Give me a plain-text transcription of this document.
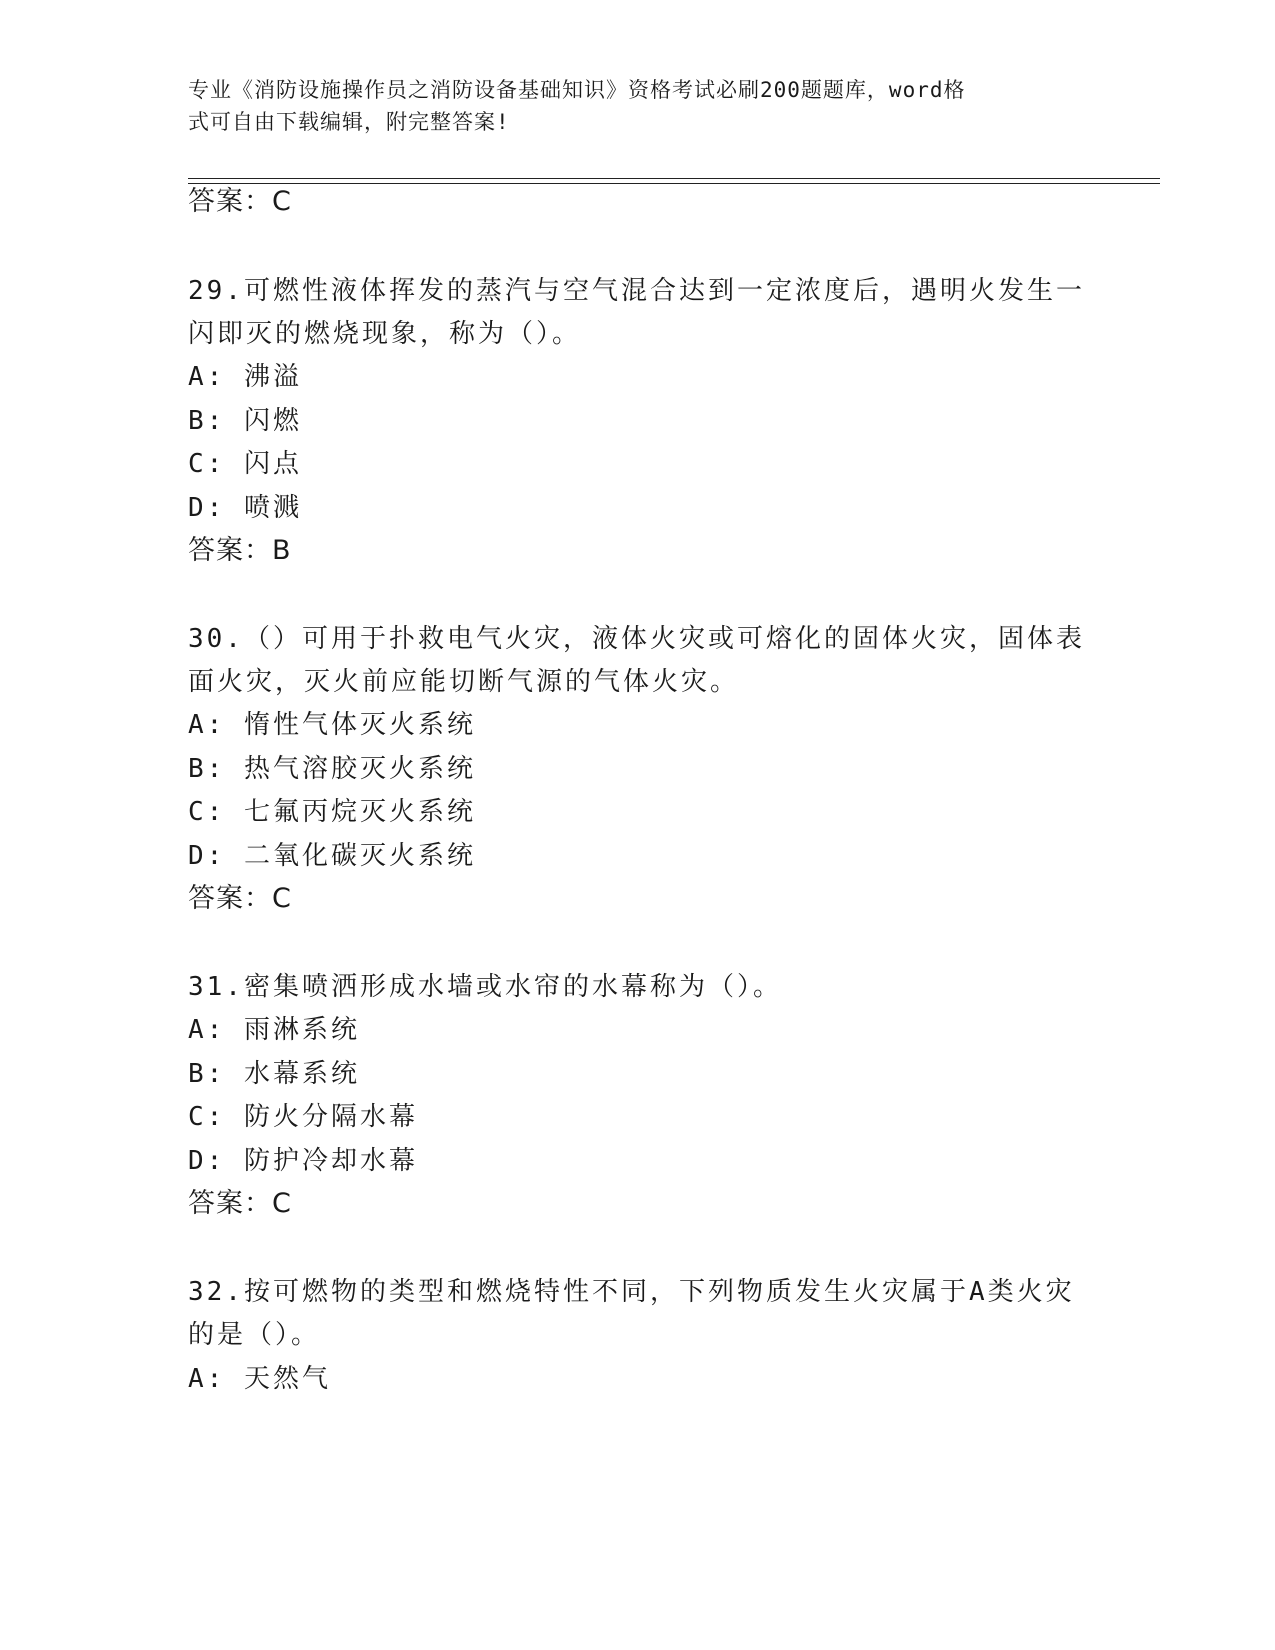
专业《消防设施操作员之消防设备基础知识》资格考试必刷200题题库，word格
式可自由下载编辑，附完整答案!
答案：C
29.可燃性液体挥发的蒸汽与空气混合达到一定浓度后，遇明火发生一
闪即灭的燃烧现象，称为（）。
A: 沸溢
B: 闪燃
C: 闪点
D: 喷溅
答案：B
30.（）可用于扑救电气火灾，液体火灾或可熔化的固体火灾，固体表
面火灾，灭火前应能切断气源的气体火灾。
A: 惰性气体灭火系统
B: 热气溶胶灭火系统
C: 七氟丙烷灭火系统
D: 二氧化碳灭火系统
答案：C
31.密集喷洒形成水墙或水帘的水幕称为（）。
A: 雨淋系统
B: 水幕系统
C: 防火分隔水幕
D: 防护冷却水幕
答案：C
32.按可燃物的类型和燃烧特性不同，下列物质发生火灾属于A类火灾
的是（）。
A: 天然气
